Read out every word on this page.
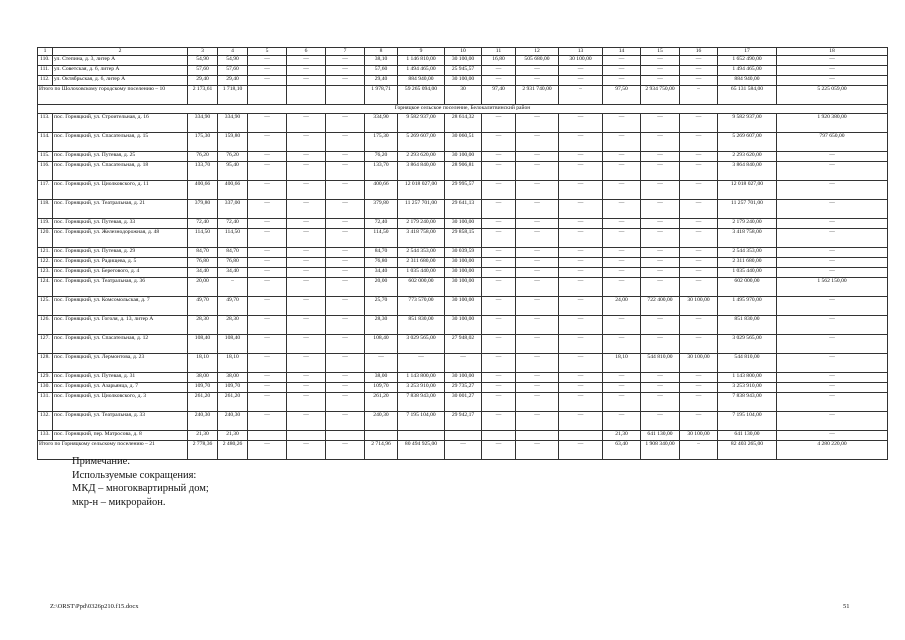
1	2	3	4	5	6	7	8	9	10	11	12	13	14	15	16	17	18
110.	ул. Степина, д. 3, литер А	54,90	54,90	—	—	—	38,10	1 146 810,00	30 100,00	16,80	505 680,00	30 100,00	—	—	—	1 652 490,00	—
111.	ул. Советская, д. 6, литер А	57,60	57,60	—	—	—	57,60	1 494 465,00	25 945,57	—	—	—	—	—	—	1 494 465,00	—
112.	ул. Октябрьская, д. 6, литер А	29,40	29,40	—	—	—	29,40	884 940,00	30 100,00	—	—	—	—	—	—	884 940,00	—
Итого по Шолоховскому городскому поселению – 10		2 173,61	1 718,10				1 978,71	59 265 094,00	30	97,40	2 931 740,00	–	97,50	2 934 750,00	–	65 131 584,00	5 225 059,00
Горняцкое сельское поселение, Белокалитвинский район																	
113.	пос. Горняцкий, ул. Строительная, д. 16	334,90	334,90	—	—	—	334,90	9 582 937,00	28 614,32	—	—	—	—	—	—	9 582 937,00	1 920 380,00
114.	пос. Горняцкий, ул. Спасательная, д. 15	175,30	159,80	—	—	—	175,30	5 269 607,00	30 060,51	—	—	—	—	—	—	5 269 607,00	797 650,00
115.	пос. Горняцкий, ул. Путевая, д. 25	76,20	76,20	—	—	—	76,20	2 293 620,00	30 100,00	—	—	—	—	—	—	2 293 620,00	—
116.	пос. Горняцкий, ул. Спасательная, д. 18	133,70	95,40	—	—	—	133,70	3 864 840,00	28 906,81	—	—	—	—	—	—	3 864 840,00	—
117.	пос. Горняцкий, ул. Циолковского, д. 11	400,66	400,66	—	—	—	400,66	12 018 027,00	29 995,57	—	—	—	—	—	—	12 018 027,00	—
118.	пос. Горняцкий, ул. Театральная, д. 21	379,80	337,00	—	—	—	379,80	11 257 701,00	29 641,13	—	—	—	—	—	—	11 257 701,00	—
119.	пос. Горняцкий, ул. Путевая, д. 33	72,40	72,40	—	—	—	72,40	2 179 240,00	30 100,00	—	—	—	—	—	—	2 179 240,00	—
120.	пос. Горняцкий, ул. Железнодорожная, д. 48	114,50	114,50	—	—	—	114,50	3 418 758,00	29 858,15	—	—	—	—	—	—	3 418 758,00	—
121.	пос. Горняцкий, ул. Путевая, д. 29	84,70	84,70	—	—	—	84,70	2 544 353,00	30 039,59	—	—	—	—	—	—	2 544 353,00	—
122.	пос. Горняцкий, ул. Радищева, д. 5	76,80	76,80	—	—	—	76,80	2 311 680,00	30 100,00	—	—	—	—	—	—	2 311 680,00	—
123.	пос. Горняцкий, ул. Берегового, д. 4	34,40	34,40	—	—	—	34,40	1 035 440,00	30 100,00	—	—	—	—	—	—	1 035 440,00	—
124.	пос. Горняцкий, ул. Театральная, д. 36	20,00	–	—	—	—	20,00	602 000,00	30 100,00	—	—	—	—	—	—	602 000,00	1 562 150,00
125.	пос. Горняцкий, ул. Комсомольская, д. 7	49,70	49,70	—	—	—	25,70	773 570,00	30 100,00	—	—	—	24,00	722 400,00	30 100,00	1 495 970,00	—
126.	пос. Горняцкий, ул. Гоголя, д. 13, литер А	28,30	28,30	—	—	—	28,30	851 830,00	30 100,00	—	—	—	—	—	—	851 830,00	—
127.	пос. Горняцкий, ул. Спасательная, д. 12	108,40	108,40	—	—	—	108,40	3 029 565,00	27 948,02	—	—	—	—	—	—	3 029 565,00	—
128.	пос. Горняцкий, ул. Лермонтова, д. 23	18,10	18,10	—	—	—	—	—	—	—	—	—	18,10	544 810,00	30 100,00	544 810,00	—
129.	пос. Горняцкий, ул. Путевая, д. 31	38,00	38,00	—	—	—	38,00	1 143 800,00	30 100,00	—	—	—	—	—	—	1 143 800,00	—
130.	пос. Горняцкий, ул. Азарьянца, д. 7	109,70	109,70	—	—	—	109,70	3 253 910,00	29 735,27	—	—	—	—	—	—	3 253 910,00	—
131.	пос. Горняцкий, ул. Циолковского, д. 3	261,20	261,20	—	—	—	261,20	7 838 943,00	30 001,27	—	—	—	—	—	—	7 838 943,00	—
132.	пос. Горняцкий, ул. Театральная, д. 33	240,30	240,30	—	—	—	240,30	7 195 104,00	29 942,17	—	—	—	—	—	—	7 195 104,00	—
133.	пос. Горняцкий, пер. Матросова, д. 8	21,30	21,30										21,30	641 130,00	30 100,00	641 130,00	—
Итого по Горняцкому сельскому поселению – 21		2 778,36	2 480,26	—	—	—	2 714,96	80 494 925,00	—	—	—	—	63,40	1 908 340,00	–	82 403 265,00	4 280 220,00
Примечание.
Используемые сокращения:
МКД – многоквартирный дом;
мкр-н – микрорайон.
Z:\ORST\Ppd\0326p210.f15.docx	51
